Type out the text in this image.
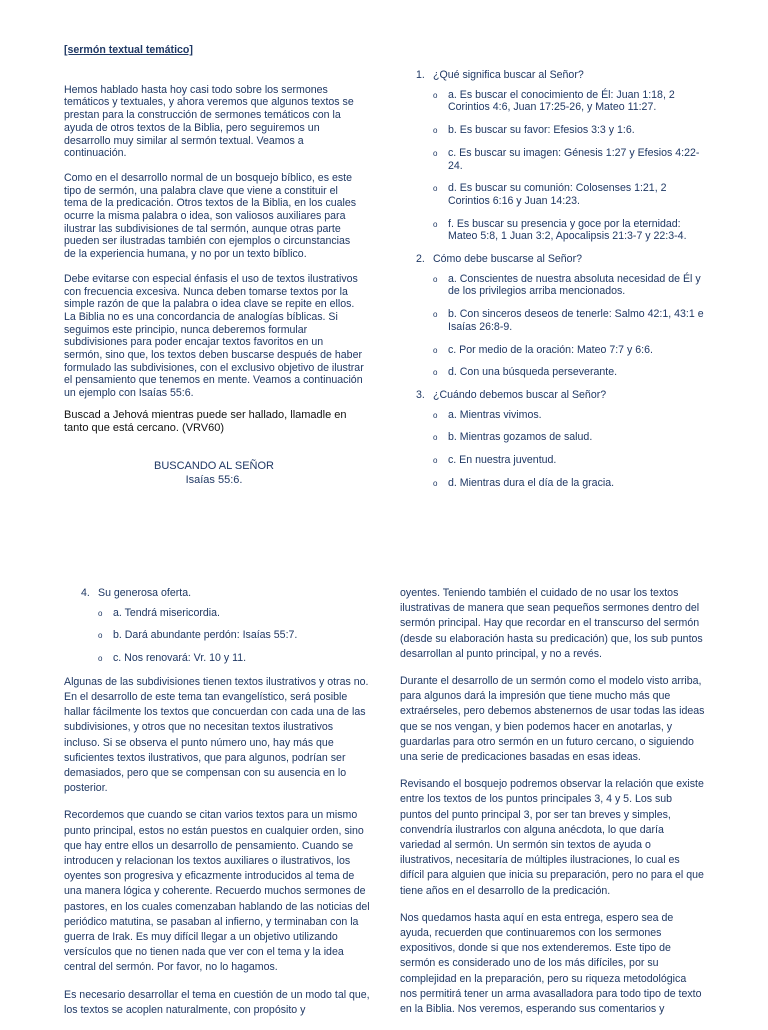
[sermón textual temático]

Hemos hablado hasta hoy casi todo sobre los sermones temáticos y textuales, y ahora veremos que algunos textos se prestan para la construcción de sermones temáticos con la ayuda de otros textos de la Biblia, pero seguiremos un desarrollo muy similar al sermón textual. Veamos a continuación.

Como en el desarrollo normal de un bosquejo bíblico, es este tipo de sermón, una palabra clave que viene a constituir el tema de la predicación. Otros textos de la Biblia, en los cuales ocurre la misma palabra o idea, son valiosos auxiliares para ilustrar las subdivisiones de tal sermón, aunque otras parte pueden ser ilustradas también con ejemplos o circunstancias de la experiencia humana, y no por un texto bíblico.

Debe evitarse con especial énfasis el uso de textos ilustrativos con frecuencia excesiva. Nunca deben tomarse textos por la simple razón de que la palabra o idea clave se repite en ellos. La Biblia no es una concordancia de analogías bíblicas. Si seguimos este principio, nunca deberemos formular subdivisiones para poder encajar textos favoritos en un sermón, sino que, los textos deben buscarse después de haber formulado las subdivisiones, con el exclusivo objetivo de ilustrar el pensamiento que tenemos en mente. Veamos a continuación un ejemplo con Isaías 55:6.

Buscad a Jehová mientras puede ser hallado, llamadle en tanto que está cercano. (VRV60)

BUSCANDO AL SEÑOR
Isaías 55:6.
1. ¿Qué significa buscar al Señor?
o a. Es buscar el conocimiento de Él: Juan 1:18, 2 Corintios 4:6, Juan 17:25-26, y Mateo 11:27.
o b. Es buscar su favor: Efesios 3:3 y 1:6.
o c. Es buscar su imagen: Génesis 1:27 y Efesios 4:22-24.
o d. Es buscar su comunión: Colosenses 1:21, 2 Corintios 6:16 y Juan 14:23.
o f. Es buscar su presencia y goce por la eternidad: Mateo 5:8, 1 Juan 3:2, Apocalipsis 21:3-7 y 22:3-4.
2. Cómo debe buscarse al Señor?
o a. Conscientes de nuestra absoluta necesidad de Él y de los privilegios arriba mencionados.
o b. Con sinceros deseos de tenerle: Salmo 42:1, 43:1 e Isaías 26:8-9.
o c. Por medio de la oración: Mateo 7:7 y 6:6.
o d. Con una búsqueda perseverante.
3. ¿Cuándo debemos buscar al Señor?
o a. Mientras vivimos.
o b. Mientras gozamos de salud.
o c. En nuestra juventud.
o d. Mientras dura el día de la gracia.
4. Su generosa oferta.
o a. Tendrá misericordia.
o b. Dará abundante perdón: Isaías 55:7.
o c. Nos renovará: Vr. 10 y 11.

Algunas de las subdivisiones tienen textos ilustrativos y otras no. En el desarrollo de este tema tan evangelístico, será posible hallar fácilmente los textos que concuerdan con cada una de las subdivisiones, y otros que no necesitan textos ilustrativos incluso. Si se observa el punto número uno, hay más que suficientes textos ilustrativos, que para algunos, podrían ser demasiados, pero que se compensan con su ausencia en lo posterior.

Recordemos que cuando se citan varios textos para un mismo punto principal, estos no están puestos en cualquier orden, sino que hay entre ellos un desarrollo de pensamiento. Cuando se introducen y relacionan los textos auxiliares o ilustrativos, los oyentes son progresiva y eficazmente introducidos al tema de una manera lógica y coherente. Recuerdo muchos sermones de pastores, en los cuales comenzaban hablando de las noticias del periódico matutina, se pasaban al infierno, y terminaban con la guerra de Irak. Es muy difícil llegar a un objetivo utilizando versículos que no tienen nada que ver con el tema y la idea central del sermón. Por favor, no lo hagamos.

Es necesario desarrollar el tema en cuestión de un modo tal que, los textos se acoplen naturalmente, con propósito y

oyentes. Teniendo también el cuidado de no usar los textos ilustrativas de manera que sean pequeños sermones dentro del sermón principal. Hay que recordar en el transcurso del sermón (desde su elaboración hasta su predicación) que, los sub puntos desarrollan al punto principal, y no a revés.

Durante el desarrollo de un sermón como el modelo visto arriba, para algunos dará la impresión que tiene mucho más que extraérseles, pero debemos abstenernos de usar todas las ideas que se nos vengan, y bien podemos hacer en anotarlas, y guardarlas para otro sermón en un futuro cercano, o siguiendo una serie de predicaciones basadas en esas ideas.

Revisando el bosquejo podremos observar la relación que existe entre los textos de los puntos principales 3, 4 y 5. Los sub puntos del punto principal 3, por ser tan breves y simples, convendría ilustrarlos con alguna anécdota, lo que daría variedad al sermón. Un sermón sin textos de ayuda o ilustrativos, necesitaría de múltiples ilustraciones, lo cual es difícil para alguien que inicia su preparación, pero no para el que tiene años en el desarrollo de la predicación.

Nos quedamos hasta aquí en esta entrega, espero sea de ayuda, recuerden que continuaremos con los sermones expositivos, donde si que nos extenderemos. Este tipo de sermón es considerado uno de los más difíciles, por su complejidad en la preparación, pero su riqueza metodológica nos permitirá tener un arma avasalladora para todo tipo de texto en la Biblia. Nos veremos, esperando sus comentarios y
